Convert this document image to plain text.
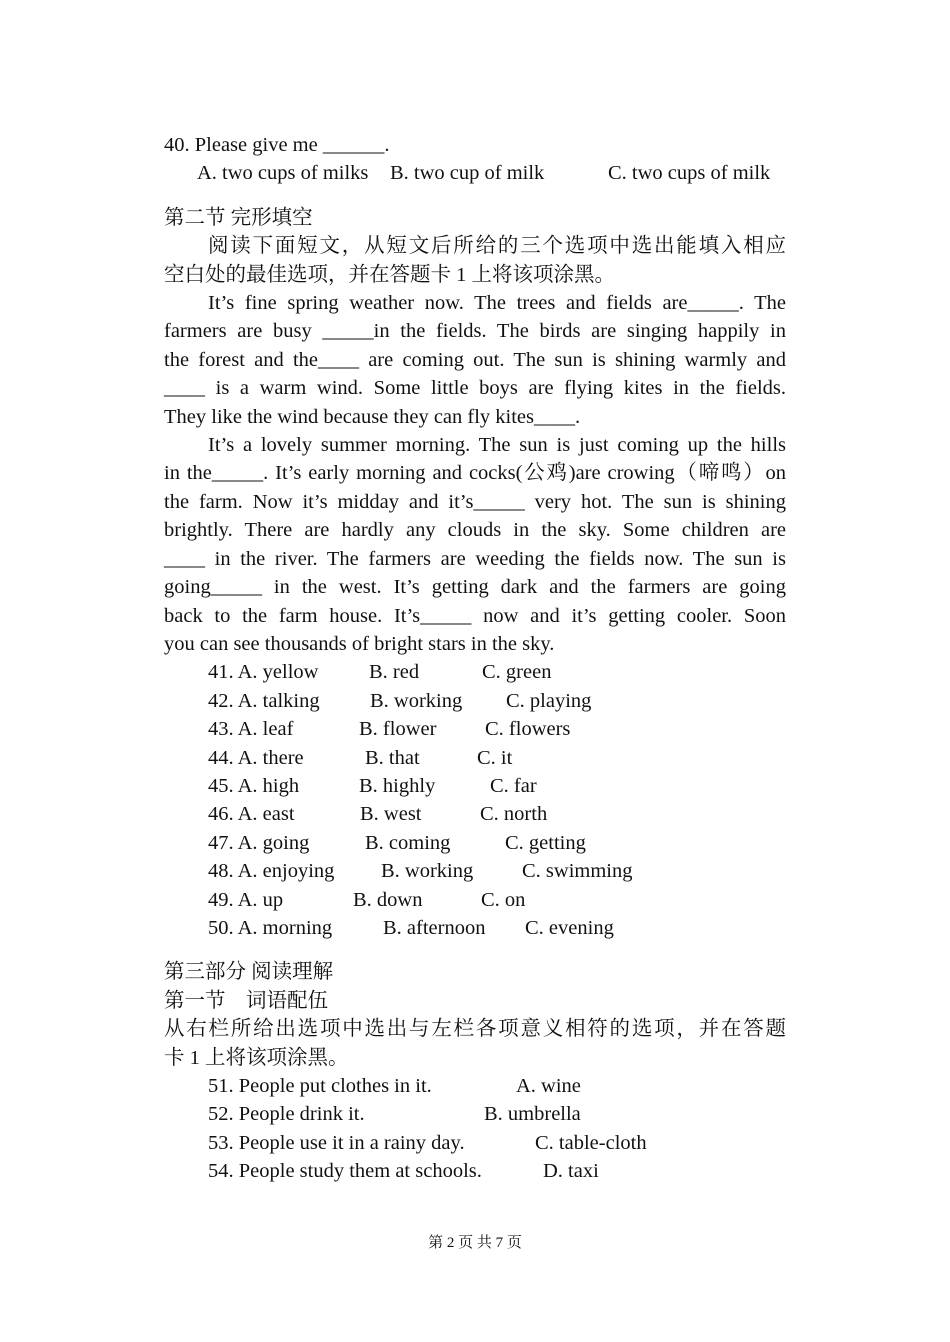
40. Please give me ______.
A. two cups of milks	B. two cup of milk	C. two cups of milk
第二节 完形填空
阅读下面短文，从短文后所给的三个选项中选出能填入相应
空白处的最佳选项，并在答题卡 1 上将该项涂黑。
It’s fine spring weather now. The trees and fields are_____. The
farmers are busy _____in the fields. The birds are singing happily in
the forest and the____ are coming out. The sun is shining warmly and
____ is a warm wind. Some little boys are flying kites in the fields.
They like the wind because they can fly kites____.
It’s a lovely summer morning. The sun is just coming up the hills
in the_____. It’s early morning and cocks(公鸡)are crowing（啼鸣）on
the farm. Now it’s midday and it’s_____ very hot. The sun is shining
brightly. There are hardly any clouds in the sky. Some children are
____ in the river. The farmers are weeding the fields now. The sun is
going_____ in the west. It’s getting dark and the farmers are going
back to the farm house. It’s_____ now and it’s getting cooler. Soon
you can see thousands of bright stars in the sky.
41. A. yellow	B. red	C. green
42. A. talking	B. working	C. playing
43. A. leaf	B. flower	C. flowers
44. A. there	B. that	C. it
45. A. high	B. highly	C. far
46. A. east	B. west	C. north
47. A. going	B. coming	C. getting
48. A. enjoying	B. working	C. swimming
49. A. up	B. down	C. on
50. A. morning	B. afternoon	C. evening
第三部分 阅读理解
第一节    词语配伍
从右栏所给出选项中选出与左栏各项意义相符的选项，并在答题
卡 1 上将该项涂黑。
51. People put clothes in it.	A. wine
52. People drink it.	B. umbrella
53. People use it in a rainy day.	C. table-cloth
54. People study them at schools.	D. taxi
第 2 页 共 7 页
